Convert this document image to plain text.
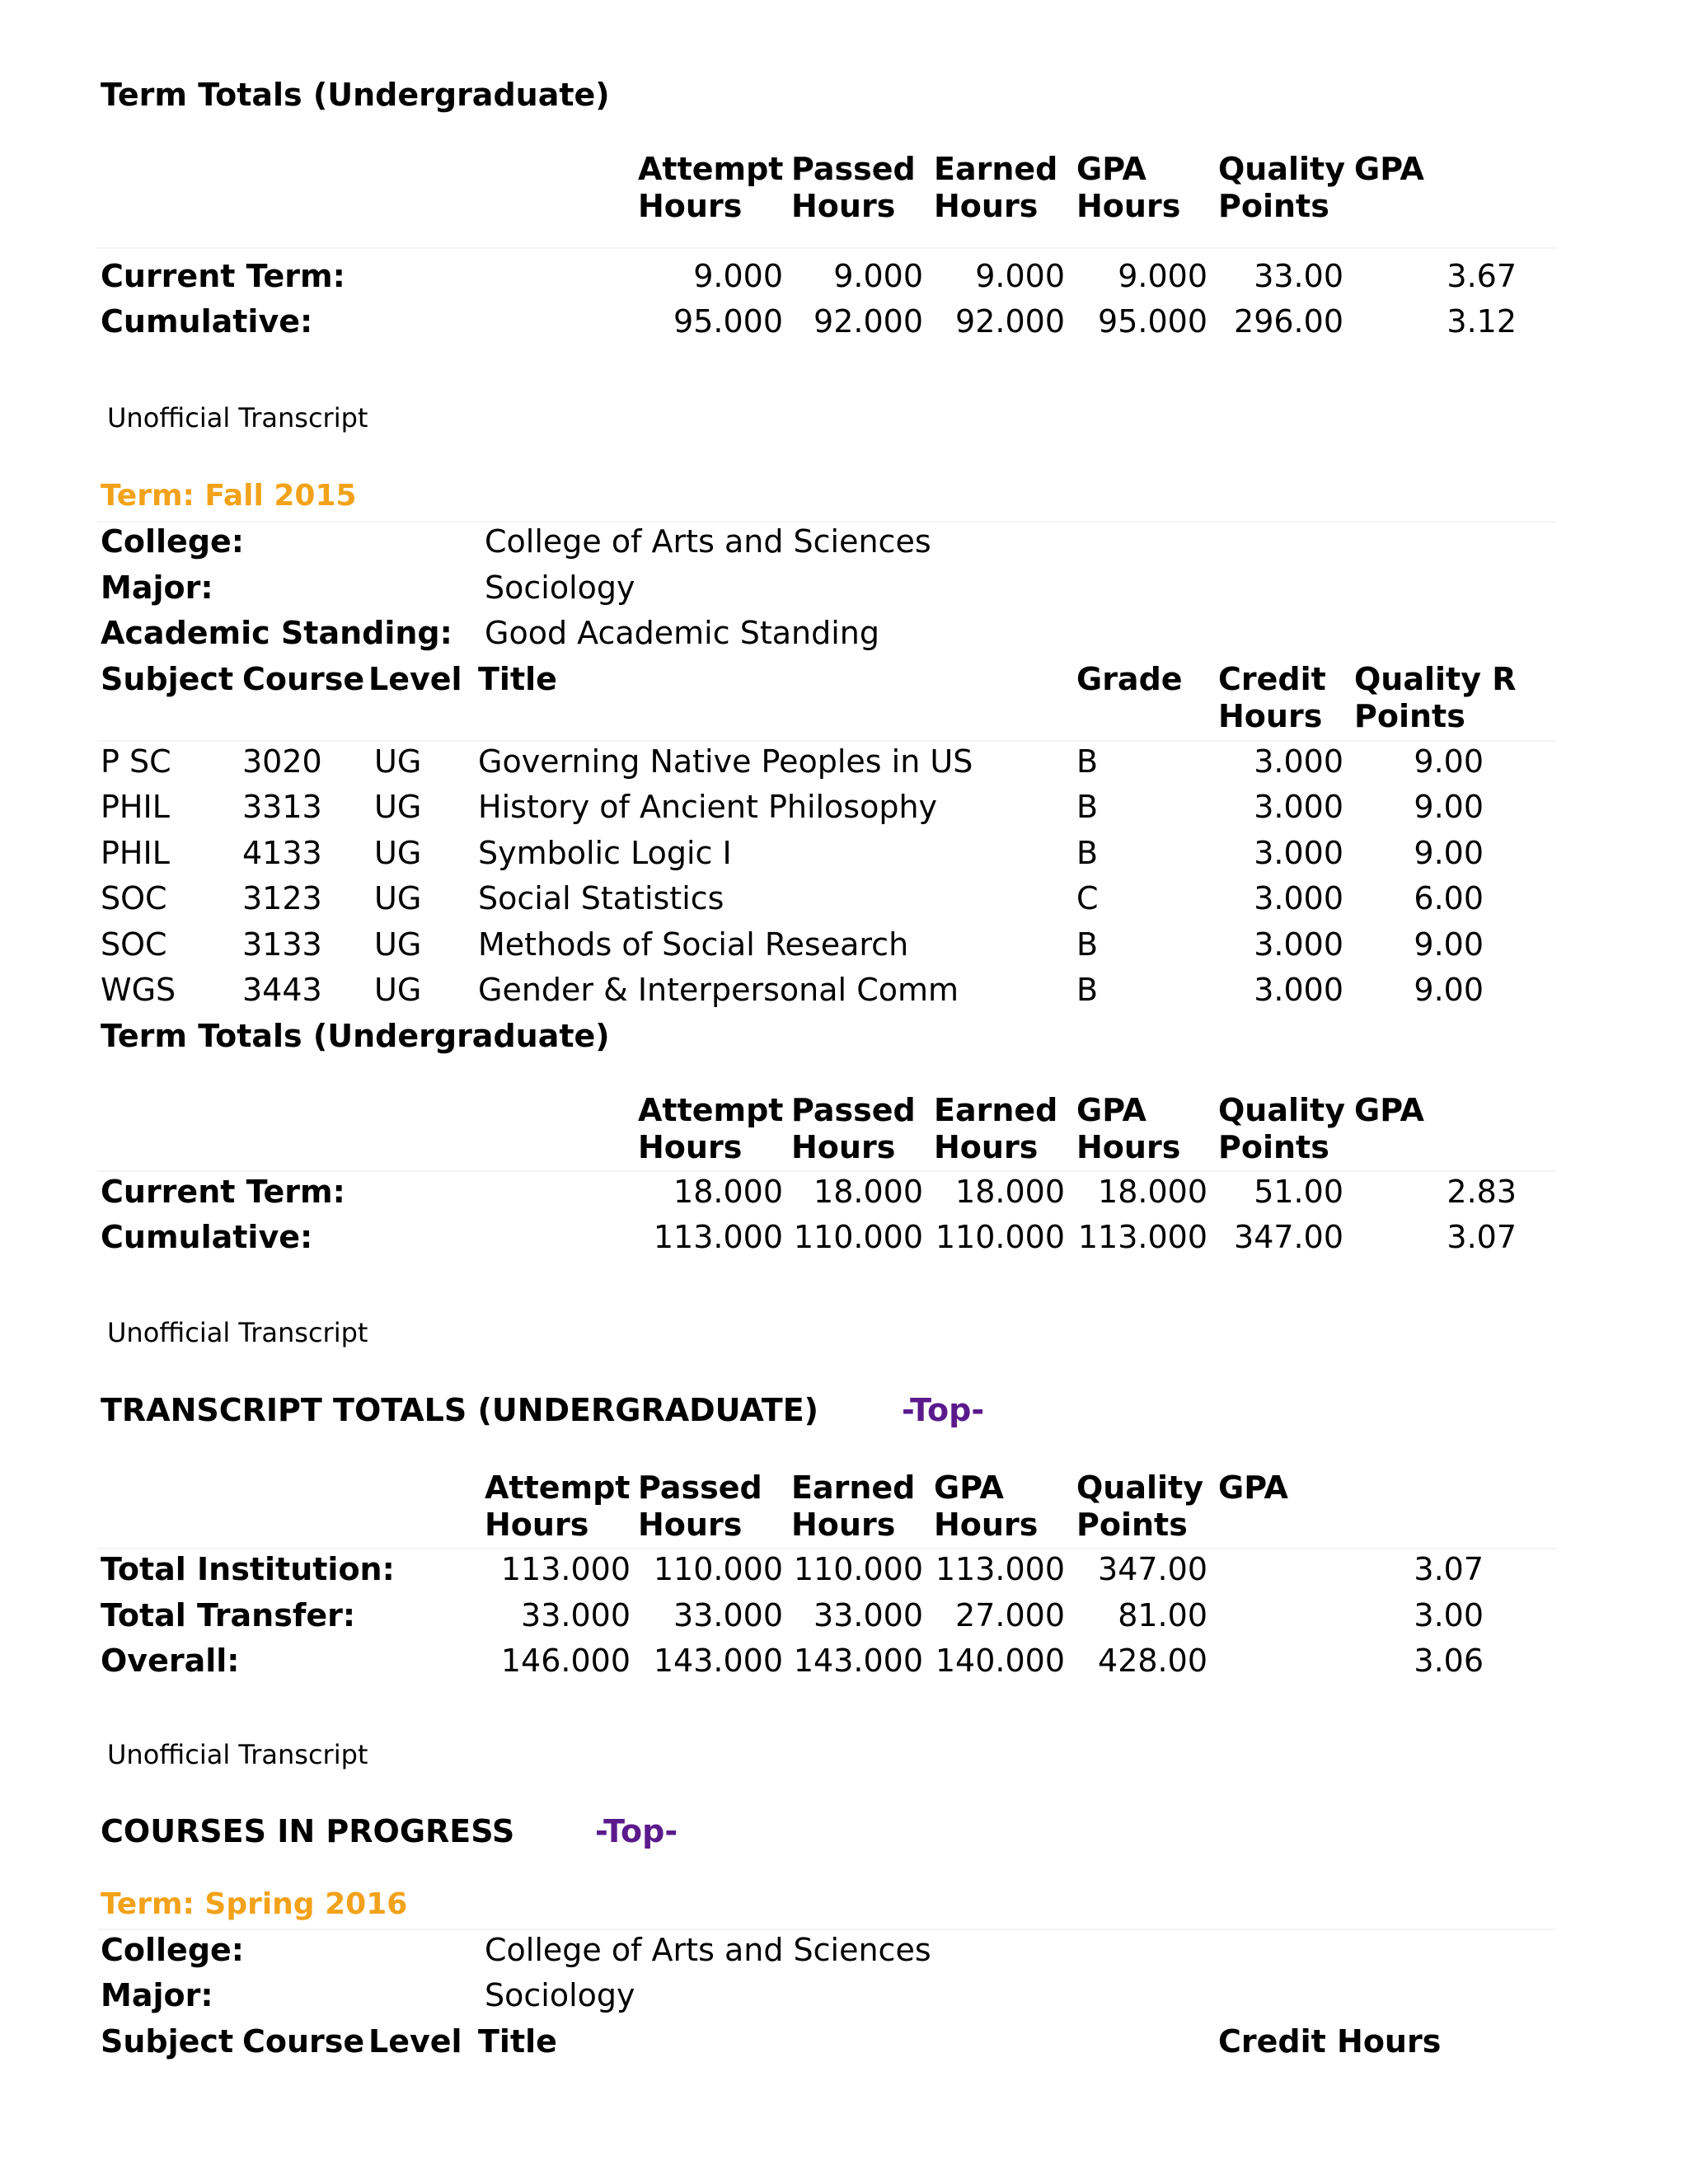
Term Totals (Undergraduate)
Attempt Passed Earned GPA Quality GPA
Hours Hours Hours Hours Points
Current Term:	9.000	9.000	9.000	9.000	33.00	3.67
Cumulative:	95.000 92.000	92.000	95.000 296.00	3.12
Unofficial Transcript
Term: Fall 2015
College:	College of Arts and Sciences
Major:	Sociology
Academic Standing: Good Academic Standing
Subject Course Level Title	Grade Credit Quality R
Hours Points
P SC 3020 UG Governing Native Peoples in US	B	3.000	9.00
PHIL 3313 UG History of Ancient Philosophy	B	3.000	9.00
PHIL 4133 UG Symbolic Logic I	B	3.000	9.00
SOC 3123 UG Social Statistics	C	3.000	6.00
SOC 3133 UG Methods of Social Research	B	3.000	9.00
WGS 3443 UG Gender & Interpersonal Comm	B	3.000	9.00
Term Totals (Undergraduate)
Attempt Passed Earned GPA Quality GPA
Hours Hours Hours Hours Points
Current Term:	18.000 18.000	18.000	18.000	51.00	2.83
Cumulative:	113.000 110.000 110.000 113.000 347.00	3.07
Unofficial Transcript
TRANSCRIPT TOTALS (UNDERGRADUATE)	-Top-
Attempt Passed Earned GPA Quality GPA
Hours Hours Hours Hours Points
Total Institution:	113.000 110.000 110.000 113.000	347.00	3.07
Total Transfer:	33.000	33.000 33.000	27.000	81.00	3.00
Overall:	146.000 143.000 143.000 140.000	428.00	3.06
Unofficial Transcript
COURSES IN PROGRESS	-Top-
Term: Spring 2016
College:	College of Arts and Sciences
Major:	Sociology
Subject Course Level Title	Credit Hours
